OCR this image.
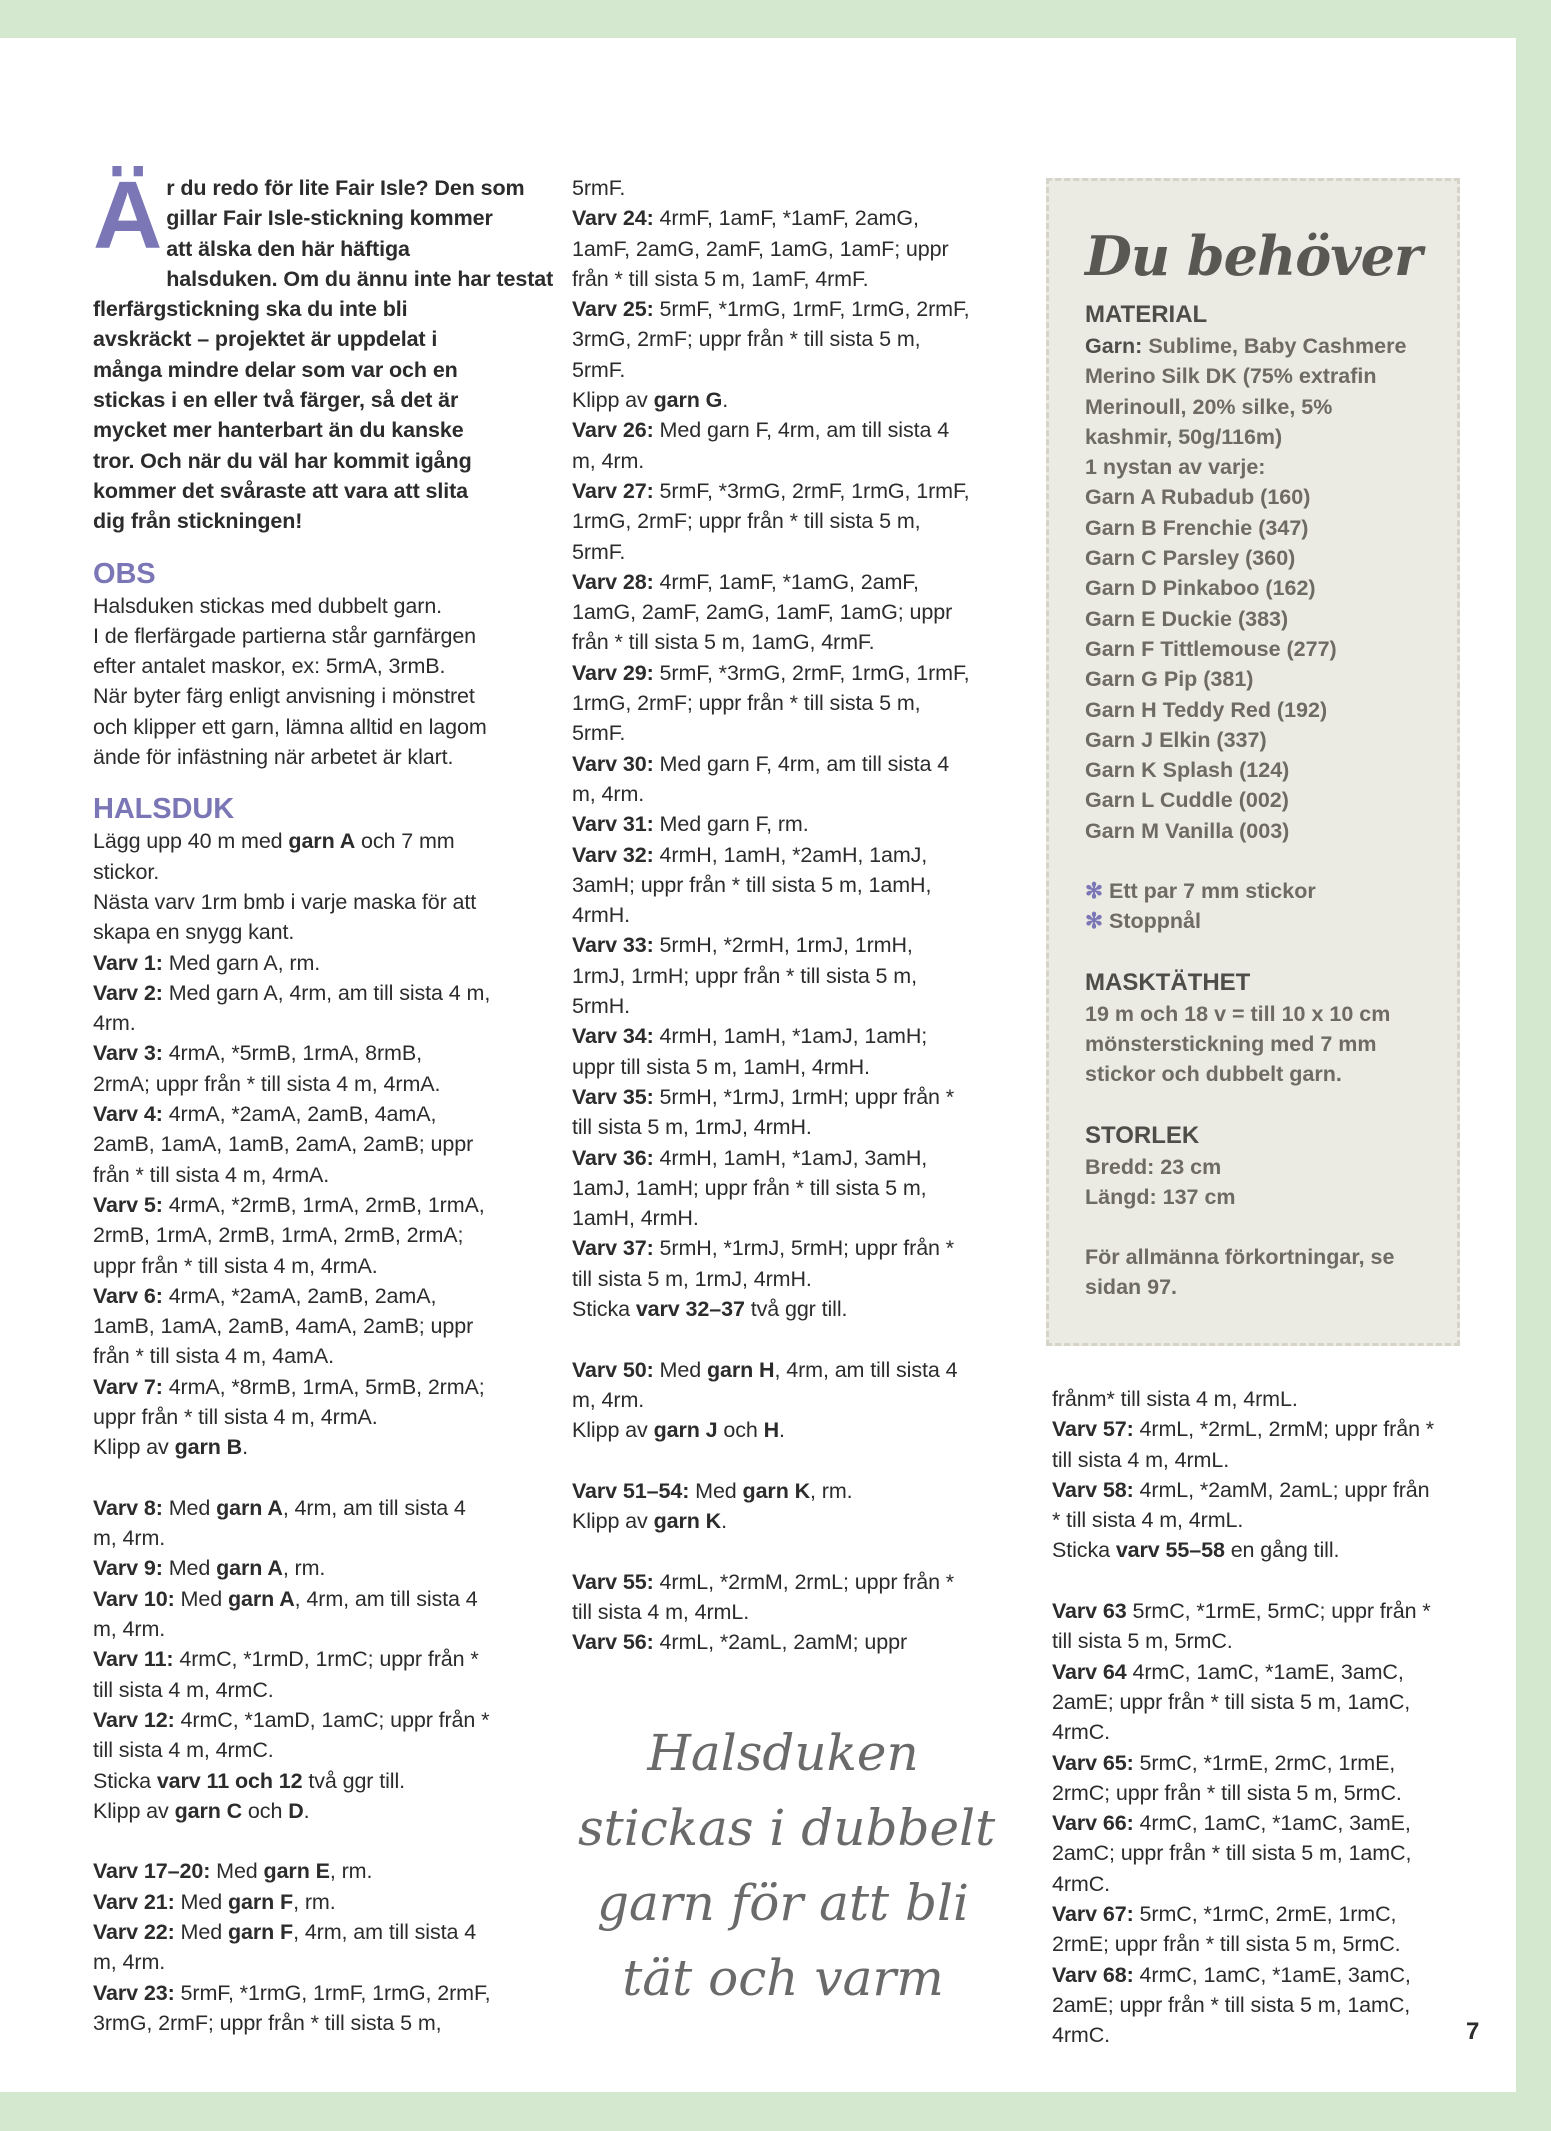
Ä r du redo för lite Fair Isle? Den som
gillar Fair Isle-stickning kommer
att älska den här häftiga
halsduken. Om du ännu inte har testat
flerfärgstickning ska du inte bli
avskräckt – projektet är uppdelat i
många mindre delar som var och en
stickas i en eller två färger, så det är
mycket mer hanterbart än du kanske
tror. Och när du väl har kommit igång
kommer det svåraste att vara att slita
dig från stickningen!
OBS
Halsduken stickas med dubbelt garn.
I de flerfärgade partierna står garnfärgen
efter antalet maskor, ex: 5rmA, 3rmB.
När byter färg enligt anvisning i mönstret
och klipper ett garn, lämna alltid en lagom
ände för infästning när arbetet är klart.
HALSDUK
Lägg upp 40 m med garn A och 7 mm
stickor.
Nästa varv 1rm bmb i varje maska för att
skapa en snygg kant.
Varv 1: Med garn A, rm.
Varv 2: Med garn A, 4rm, am till sista 4 m,
4rm.
Varv 3: 4rmA, *5rmB, 1rmA, 8rmB,
2rmA; uppr från * till sista 4 m, 4rmA.
Varv 4: 4rmA, *2amA, 2amB, 4amA,
2amB, 1amA, 1amB, 2amA, 2amB; uppr
från * till sista 4 m, 4rmA.
Varv 5: 4rmA, *2rmB, 1rmA, 2rmB, 1rmA,
2rmB, 1rmA, 2rmB, 1rmA, 2rmB, 2rmA;
uppr från * till sista 4 m, 4rmA.
Varv 6: 4rmA, *2amA, 2amB, 2amA,
1amB, 1amA, 2amB, 4amA, 2amB; uppr
från * till sista 4 m, 4amA.
Varv 7: 4rmA, *8rmB, 1rmA, 5rmB, 2rmA;
uppr från * till sista 4 m, 4rmA.
Klipp av garn B.

Varv 8: Med garn A, 4rm, am till sista 4
m, 4rm.
Varv 9: Med garn A, rm.
Varv 10: Med garn A, 4rm, am till sista 4
m, 4rm.
Varv 11: 4rmC, *1rmD, 1rmC; uppr från *
till sista 4 m, 4rmC.
Varv 12: 4rmC, *1amD, 1amC; uppr från *
till sista 4 m, 4rmC.
Sticka varv 11 och 12 två ggr till.
Klipp av garn C och D.

Varv 17–20: Med garn E, rm.
Varv 21: Med garn F, rm.
Varv 22: Med garn F, 4rm, am till sista 4
m, 4rm.
Varv 23: 5rmF, *1rmG, 1rmF, 1rmG, 2rmF,
3rmG, 2rmF; uppr från * till sista 5 m,
5rmF.
Varv 24: 4rmF, 1amF, *1amF, 2amG,
1amF, 2amG, 2amF, 1amG, 1amF; uppr
från * till sista 5 m, 1amF, 4rmF.
Varv 25: 5rmF, *1rmG, 1rmF, 1rmG, 2rmF,
3rmG, 2rmF; uppr från * till sista 5 m,
5rmF.
Klipp av garn G.
Varv 26: Med garn F, 4rm, am till sista 4
m, 4rm.
Varv 27: 5rmF, *3rmG, 2rmF, 1rmG, 1rmF,
1rmG, 2rmF; uppr från * till sista 5 m,
5rmF.
Varv 28: 4rmF, 1amF, *1amG, 2amF,
1amG, 2amF, 2amG, 1amF, 1amG; uppr
från * till sista 5 m, 1amG, 4rmF.
Varv 29: 5rmF, *3rmG, 2rmF, 1rmG, 1rmF,
1rmG, 2rmF; uppr från * till sista 5 m,
5rmF.
Varv 30: Med garn F, 4rm, am till sista 4
m, 4rm.
Varv 31: Med garn F, rm.
Varv 32: 4rmH, 1amH, *2amH, 1amJ,
3amH; uppr från * till sista 5 m, 1amH,
4rmH.
Varv 33: 5rmH, *2rmH, 1rmJ, 1rmH,
1rmJ, 1rmH; uppr från * till sista 5 m,
5rmH.
Varv 34: 4rmH, 1amH, *1amJ, 1amH;
uppr till sista 5 m, 1amH, 4rmH.
Varv 35: 5rmH, *1rmJ, 1rmH; uppr från *
till sista 5 m, 1rmJ, 4rmH.
Varv 36: 4rmH, 1amH, *1amJ, 3amH,
1amJ, 1amH; uppr från * till sista 5 m,
1amH, 4rmH.
Varv 37: 5rmH, *1rmJ, 5rmH; uppr från *
till sista 5 m, 1rmJ, 4rmH.
Sticka varv 32–37 två ggr till.

Varv 50: Med garn H, 4rm, am till sista 4
m, 4rm.
Klipp av garn J och H.

Varv 51–54: Med garn K, rm.
Klipp av garn K.

Varv 55: 4rmL, *2rmM, 2rmL; uppr från *
till sista 4 m, 4rmL.
Varv 56: 4rmL, *2amL, 2amM; uppr
Halsduken
stickas i dubbelt
garn för att bli
tät och varm
Du behöver
MATERIAL
Garn: Sublime, Baby Cashmere
Merino Silk DK (75% extrafin
Merinoull, 20% silke, 5%
kashmir, 50g/116m)
1 nystan av varje:
Garn A Rubadub (160)
Garn B Frenchie (347)
Garn C Parsley (360)
Garn D Pinkaboo (162)
Garn E Duckie (383)
Garn F Tittlemouse (277)
Garn G Pip (381)
Garn H Teddy Red (192)
Garn J Elkin (337)
Garn K Splash (124)
Garn L Cuddle (002)
Garn M Vanilla (003)
✻ Ett par 7 mm stickor
✻ Stoppnål
MASKTÄTHET
19 m och 18 v = till 10 x 10 cm
mönsterstickning med 7 mm
stickor och dubbelt garn.
STORLEK
Bredd: 23 cm
Längd: 137 cm
För allmänna förkortningar, se
sidan 97.
frånm* till sista 4 m, 4rmL.
Varv 57: 4rmL, *2rmL, 2rmM; uppr från *
till sista 4 m, 4rmL.
Varv 58: 4rmL, *2amM, 2amL; uppr från
* till sista 4 m, 4rmL.
Sticka varv 55–58 en gång till.

Varv 63 5rmC, *1rmE, 5rmC; uppr från *
till sista 5 m, 5rmC.
Varv 64 4rmC, 1amC, *1amE, 3amC,
2amE; uppr från * till sista 5 m, 1amC,
4rmC.
Varv 65: 5rmC, *1rmE, 2rmC, 1rmE,
2rmC; uppr från * till sista 5 m, 5rmC.
Varv 66: 4rmC, 1amC, *1amC, 3amE,
2amC; uppr från * till sista 5 m, 1amC,
4rmC.
Varv 67: 5rmC, *1rmC, 2rmE, 1rmC,
2rmE; uppr från * till sista 5 m, 5rmC.
Varv 68: 4rmC, 1amC, *1amE, 3amC,
2amE; uppr från * till sista 5 m, 1amC,
4rmC.	7
